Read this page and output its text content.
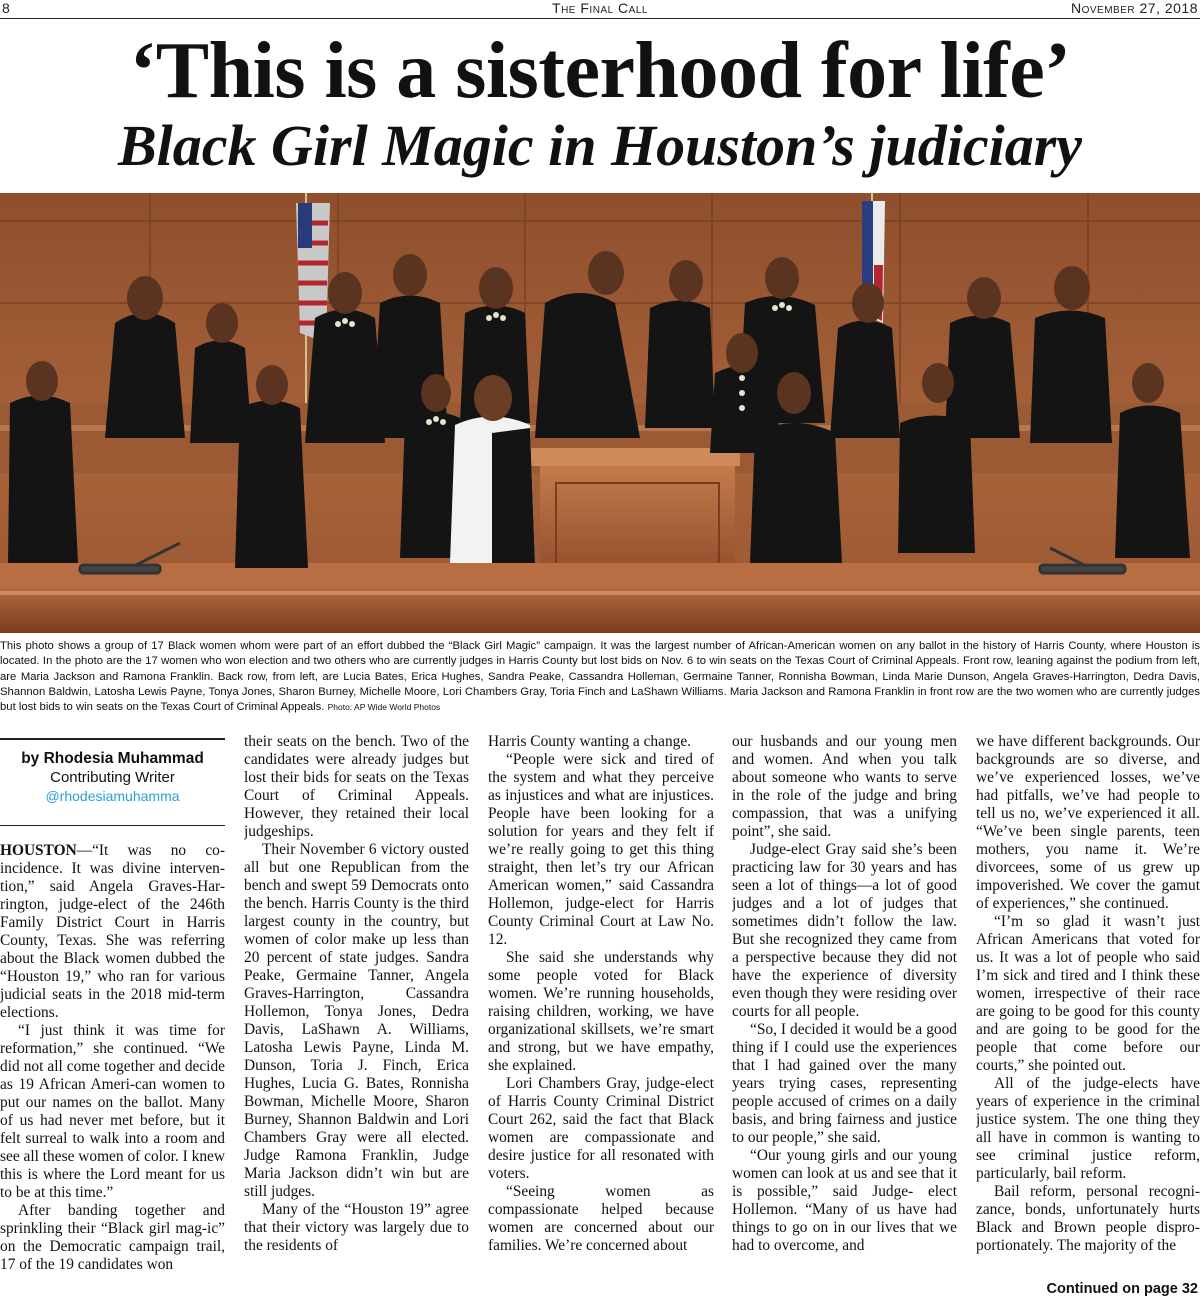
8	The Final Call	November 27, 2018
‘This is a sisterhood for life’
Black Girl Magic in Houston’s judiciary
This photo shows a group of 17 Black women whom were part of an effort dubbed the “Black Girl Magic” campaign. It was the largest number of African-American women on any ballot in the history of Harris County, where Houston is located. In the photo are the 17 women who won election and two others who are currently judges in Harris County but lost bids on Nov. 6 to win seats on the Texas Court of Criminal Appeals. Front row, leaning against the podium from left, are Maria Jackson and Ramona Franklin. Back row, from left, are Lucia Bates, Erica Hughes, Sandra Peake, Cassandra Holleman, Germaine Tanner, Ronnisha Bowman, Linda Marie Dunson, Angela Graves-Harrington, Dedra Davis, Shannon Baldwin, Latosha Lewis Payne, Tonya Jones, Sharon Burney, Michelle Moore, Lori Chambers Gray, Toria Finch and LaShawn Williams. Maria Jackson and Ramona Franklin in front row are the two women who are currently judges but lost bids to win seats on the Texas Court of Criminal Appeals. Photo: AP Wide World Photos
by Rhodesia Muhammad
Contributing Writer
@rhodesiamuhamma

HOUSTON—“It was no co-incidence. It was divine interven-tion,” said Angela Graves-Har-rington, judge-elect of the 246th Family District Court in Harris County, Texas. She was referring about the Black women dubbed the “Houston 19,” who ran for various judicial seats in the 2018 mid-term elections.

“I just think it was time for reformation,” she continued. “We did not all come together and decide as 19 African Ameri-can women to put our names on the ballot. Many of us had never met before, but it felt surreal to walk into a room and see all these women of color. I knew this is where the Lord meant for us to be at this time.”

After banding together and sprinkling their “Black girl mag-ic” on the Democratic campaign trail, 17 of the 19 candidates won

their seats on the bench. Two of the candidates were already judges but lost their bids for seats on the Texas Court of Criminal Appeals. However, they retained their local judgeships.

Their November 6 victory ousted all but one Republican from the bench and swept 59 Democrats onto the bench. Harris County is the third largest county in the country, but women of color make up less than 20 percent of state judges. Sandra Peake, Germaine Tanner, Angela Graves-Harrington, Cassandra Hollemon, Tonya Jones, Dedra Davis, LaShawn A. Williams, Latosha Lewis Payne, Linda M. Dunson, Toria J. Finch, Erica Hughes, Lucia G. Bates, Ronnisha Bowman, Michelle Moore, Sharon Burney, Shannon Baldwin and Lori Chambers Gray were all elected. Judge Ramona Franklin, Judge Maria Jackson didn’t win but are still judges.

Many of the “Houston 19” agree that their victory was largely due to the residents of

Harris County wanting a change.

“People were sick and tired of the system and what they perceive as injustices and what are injustices. People have been looking for a solution for years and they felt if we’re really going to get this thing straight, then let’s try our African American women,” said Cassandra Hollemon, judge-elect for Harris County Criminal Court at Law No. 12.

She said she understands why some people voted for Black women. We’re running households, raising children, working, we have organizational skillsets, we’re smart and strong, but we have empathy, she explained.

Lori Chambers Gray, judge-elect of Harris County Criminal District Court 262, said the fact that Black women are compassionate and desire justice for all resonated with voters.

“Seeing women as compassionate helped because women are concerned about our families. We’re concerned about

our husbands and our young men and women. And when you talk about someone who wants to serve in the role of the judge and bring compassion, that was a unifying point”, she said.

Judge-elect Gray said she’s been practicing law for 30 years and has seen a lot of things—a lot of good judges and a lot of judges that sometimes didn’t follow the law. But she recognized they came from a perspective because they did not have the experience of diversity even though they were residing over courts for all people.

“So, I decided it would be a good thing if I could use the experiences that I had gained over the many years trying cases, representing people accused of crimes on a daily basis, and bring fairness and justice to our people,” she said.

“Our young girls and our young women can look at us and see that it is possible,” said Judge- elect Hollemon. “Many of us have had things to go on in our lives that we had to overcome, and

we have different backgrounds. Our backgrounds are so diverse, and we’ve experienced losses, we’ve had pitfalls, we’ve had people to tell us no, we’ve experienced it all. “We’ve been single parents, teen mothers, you name it. We’re divorcees, some of us grew up impoverished. We cover the gamut of experiences,” she continued.

“I’m so glad it wasn’t just African Americans that voted for us. It was a lot of people who said I’m sick and tired and I think these women, irrespective of their race are going to be good for this county and are going to be good for the people that come before our courts,” she pointed out.

All of the judge-elects have years of experience in the criminal justice system. The one thing they all have in common is wanting to see criminal justice reform, particularly, bail reform.

Bail reform, personal recogni-zance, bonds, unfortunately hurts Black and Brown people dispro-portionately. The majority of the

Continued on page 32
